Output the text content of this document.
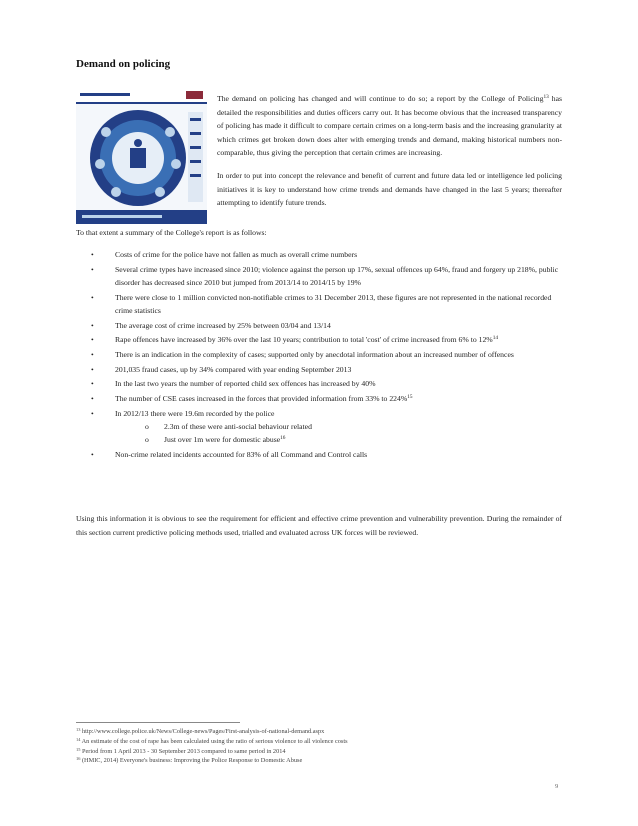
Demand on policing

The demand on policing has changed and will continue to do so; a report by the College of Policing$^{13}$ has detailed the responsibilities and duties officers carry out. It has become obvious that the increased transparency of policing has made it difficult to compare certain crimes on a long-term basis and the increasing granularity at which crimes get broken down does alter with emerging trends and demand, making historical numbers non-comparable, thus giving the perception that certain crimes are increasing.

In order to put into concept the relevance and benefit of current and future data led or intelligence led policing initiatives it is key to understand how crime trends and demands have changed in the last 5 years; thereafter attempting to identify future trends.

To that extent a summary of the College's report is as follows:
•	Costs of crime for the police have not fallen as much as overall crime numbers
•	Several crime types have increased since 2010; violence against the person up 17%, sexual offences up 64%, fraud and forgery up 218%, public disorder has decreased since 2010 but jumped from 2013/14 to 2014/15 by 19%
•	There were close to 1 million convicted non-notifiable crimes to 31 December 2013, these figures are not represented in the national recorded crime statistics
•	The average cost of crime increased by 25% between 03/04 and 13/14
•	Rape offences have increased by 36% over the last 10 years; contribution to total 'cost' of crime increased from 6% to 12%$^{14}$
•	There is an indication in the complexity of cases; supported only by anecdotal information about an increased number of offences
•	201,035 fraud cases, up by 34% compared with year ending September 2013
•	In the last two years the number of reported child sex offences has increased by 40%
•	The number of CSE cases increased in the forces that provided information from 33% to 224%$^{15}$
•	In 2012/13 there were 19.6m recorded by the police
o 2.3m of these were anti-social behaviour related
o Just over 1m were for domestic abuse$^{16}$
•	Non-crime related incidents accounted for 83% of all Command and Control calls

Using this information it is obvious to see the requirement for efficient and effective crime prevention and vulnerability prevention. During the remainder of this section current predictive policing methods used, trialled and evaluated across UK forces will be reviewed.

$^{13}$ http://www.college.police.uk/News/College-news/Pages/First-analysis-of-national-demand.aspx
$^{14}$ An estimate of the cost of rape has been calculated using the ratio of serious violence to all violence costs
$^{15}$ Period from 1 April 2013 - 30 September 2013 compared to same period in 2014
$^{16}$ (HMIC, 2014) Everyone's business: Improving the Police Response to Domestic Abuse
9
